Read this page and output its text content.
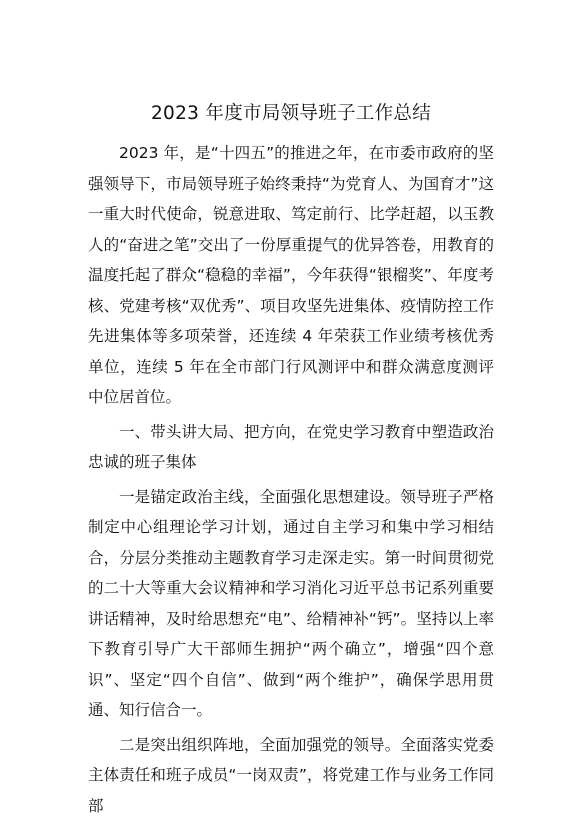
2023 年度市局领导班子工作总结

2023 年，是“十四五”的推进之年，在市委市政府的坚强领导下，市局领导班子始终秉持“为党育人、为国育才”这一重大时代使命，锐意进取、笃定前行、比学赶超，以玉教人的“奋进之笔”交出了一份厚重提气的优异答卷，用教育的温度托起了群众“稳稳的幸福”，今年获得“银榴奖”、年度考核、党建考核“双优秀”、项目攻坚先进集体、疫情防控工作先进集体等多项荣誉，还连续 4 年荣获工作业绩考核优秀单位，连续 5 年在全市部门行风测评中和群众满意度测评中位居首位。

一、带头讲大局、把方向，在党史学习教育中塑造政治忠诚的班子集体

一是锚定政治主线，全面强化思想建设。领导班子严格制定中心组理论学习计划，通过自主学习和集中学习相结合，分层分类推动主题教育学习走深走实。第一时间贯彻党的二十大等重大会议精神和学习消化习近平总书记系列重要讲话精神，及时给思想充“电”、给精神补“钙”。坚持以上率下教育引导广大干部师生拥护“两个确立”，增强“四个意识”、坚定“四个自信”、做到“两个维护”，确保学思用贯通、知行信合一。

二是突出组织阵地，全面加强党的领导。全面落实党委主体责任和班子成员“一岗双责”，将党建工作与业务工作同部
